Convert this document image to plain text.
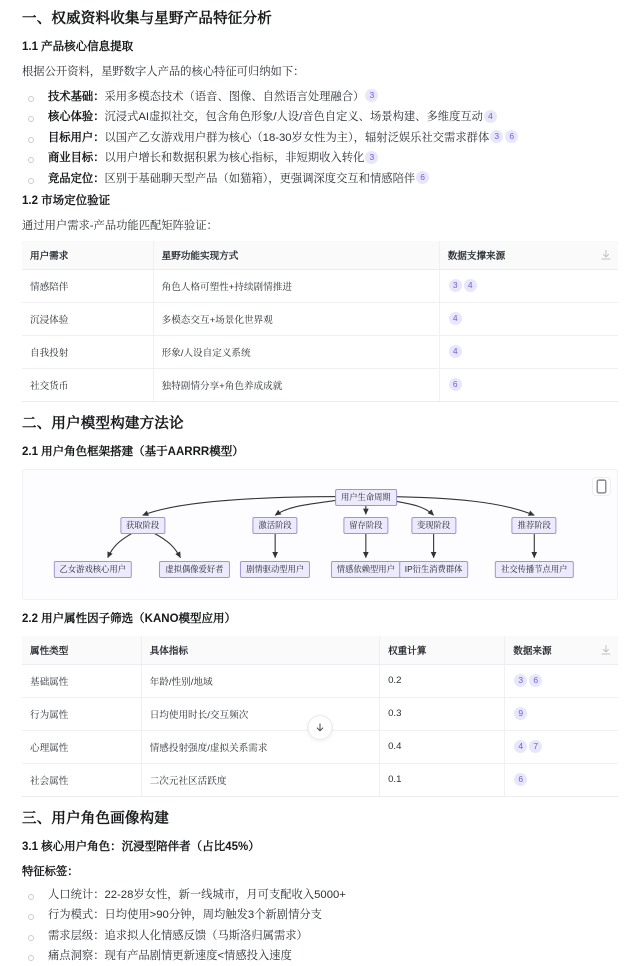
一、权威资料收集与星野产品特征分析
1.1 产品核心信息提取

根据公开资料，星野数字人产品的核心特征可归纳如下：

技术基础：采用多模态技术（语音、图像、自然语言处理融合） 3
核心体验：沉浸式AI虚拟社交，包含角色形象/人设/音色自定义、场景构建、多维度互动 4
目标用户：以国产乙女游戏用户群为核心（18-30岁女性为主），辐射泛娱乐社交需求群体 3 6
商业目标：以用户增长和数据积累为核心指标，非短期收入转化 3
竞品定位：区别于基础聊天型产品（如猫箱），更强调深度交互和情感陪伴 6
1.2 市场定位验证

通过用户需求-产品功能匹配矩阵验证：

用户需求	星野功能实现方式	数据支撑来源

情感陪伴	角色人格可塑性+持续剧情推进	3 4
沉浸体验	多模态交互+场景化世界观	4
自我投射	形象/人设自定义系统	4
社交货币	独特剧情分享+角色养成成就	6
二、用户模型构建方法论
2.1 用户角色框架搭建（基于AARRR模型）
用户生命周期
获取阶段
乙女游戏核心用户	虚拟偶像爱好者
激活阶段
剧情驱动型用户
留存阶段
情感依赖型用户
变现阶段
IP衍生消费群体
推荐阶段
社交传播节点用户
2.2 用户属性因子筛选（KANO模型应用）
属性类型	具体指标	权重计算	数据来源

基础属性	年龄/性别/地域	0.2	3 6
行为属性	日均使用时长/交互频次	0.3	9
心理属性	情感投射强度/虚拟关系需求	0.4	4 7
社会属性	二次元社区活跃度	0.1	6
三、用户角色画像构建
3.1 核心用户角色：沉浸型陪伴者（占比45%）

特征标签：

人口统计：22-28岁女性，新一线城市，月可支配收入5000+
行为模式：日均使用>90分钟，周均触发3个新剧情分支
需求层级：追求拟人化情感反馈（马斯洛归属需求）
痛点洞察：现有产品剧情更新速度<情感投入速度
